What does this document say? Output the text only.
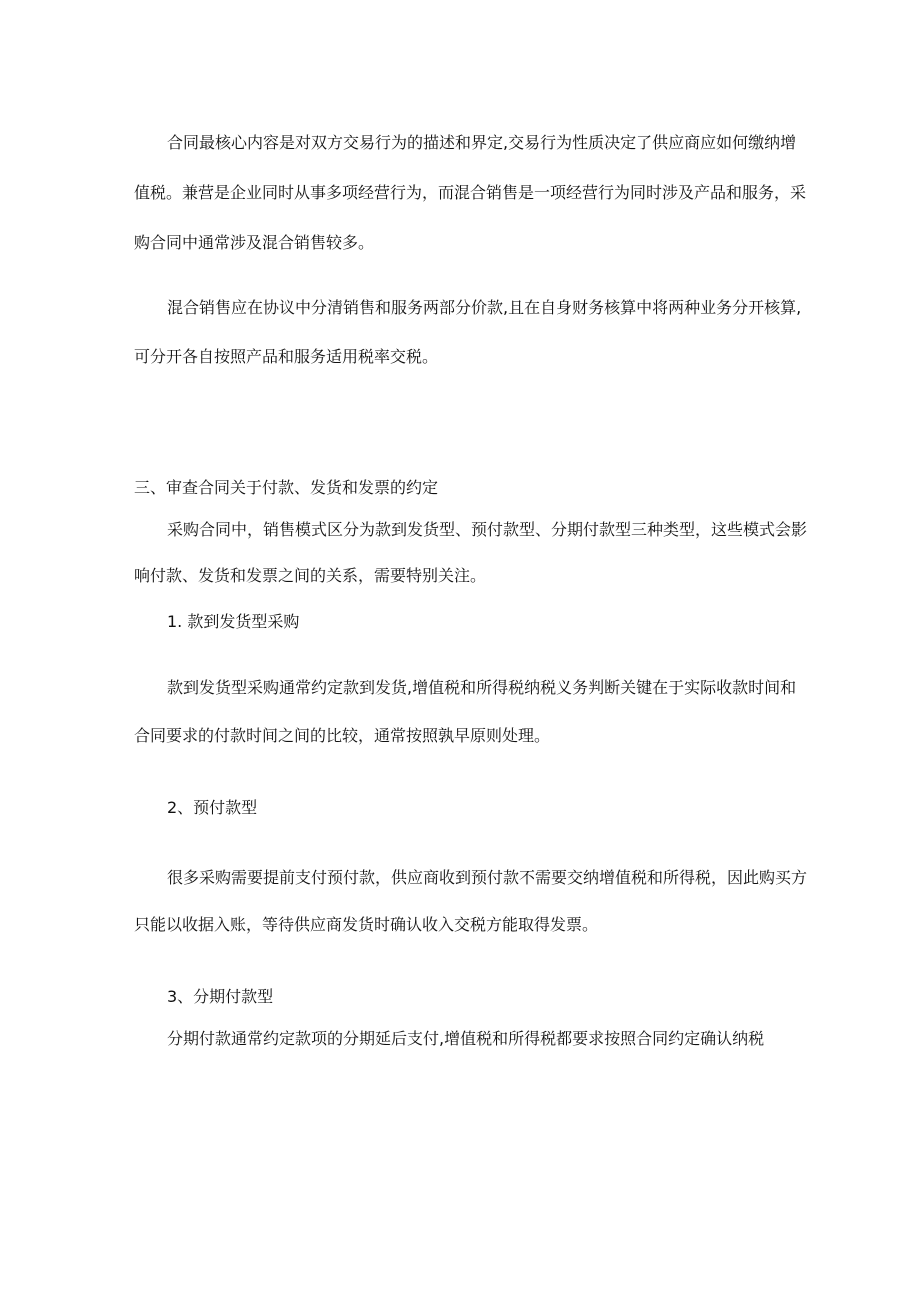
合同最核心内容是对双方交易行为的描述和界定,交易行为性质决定了供应商应如何缴纳增

值税。兼营是企业同时从事多项经营行为，而混合销售是一项经营行为同时涉及产品和服务，采

购合同中通常涉及混合销售较多。

混合销售应在协议中分清销售和服务两部分价款,且在自身财务核算中将两种业务分开核算,

可分开各自按照产品和服务适用税率交税。

三、审查合同关于付款、发货和发票的约定

采购合同中，销售模式区分为款到发货型、预付款型、分期付款型三种类型，这些模式会影

响付款、发货和发票之间的关系，需要特别关注。

1. 款到发货型采购

款到发货型采购通常约定款到发货,增值税和所得税纳税义务判断关键在于实际收款时间和

合同要求的付款时间之间的比较，通常按照孰早原则处理。

2、预付款型

很多采购需要提前支付预付款，供应商收到预付款不需要交纳增值税和所得税，因此购买方

只能以收据入账，等待供应商发货时确认收入交税方能取得发票。

3、分期付款型

分期付款通常约定款项的分期延后支付,增值税和所得税都要求按照合同约定确认纳税
